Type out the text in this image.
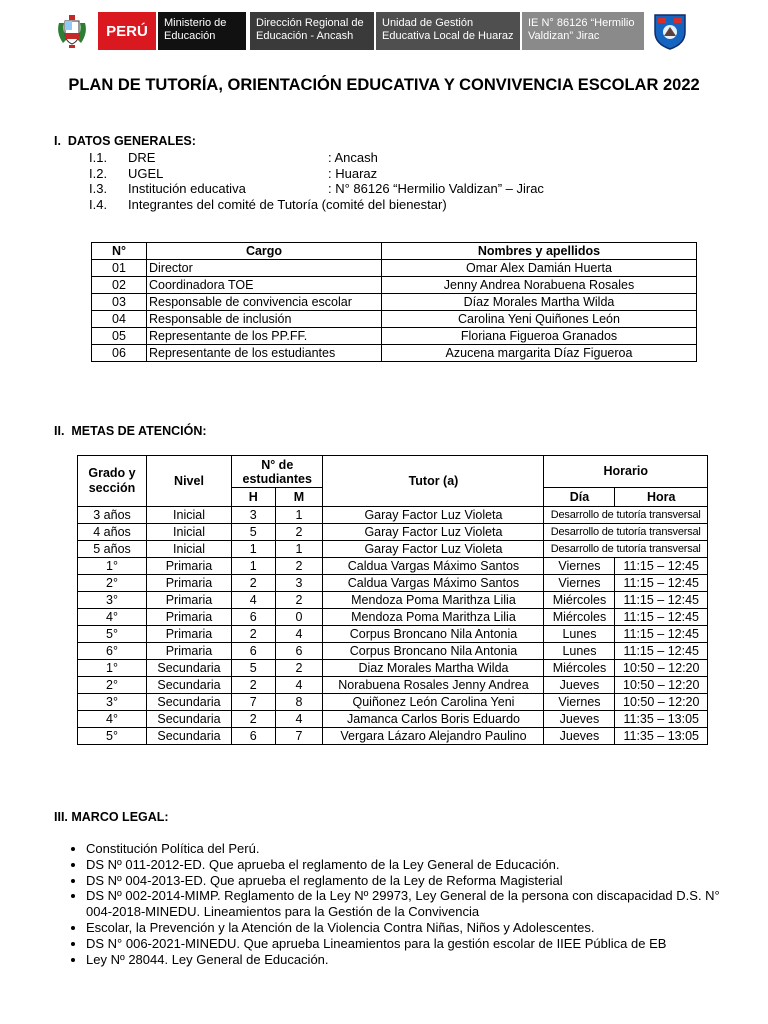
PERÚ	Ministerio de Educación
Dirección Regional de Educación - Ancash
Unidad de Gestión Educativa Local de Huaraz
IE N° 86126 “Hermilio Valdizan” Jirac
PLAN DE TUTORÍA, ORIENTACIÓN EDUCATIVA Y CONVIVENCIA ESCOLAR 2022
I.  DATOS GENERALES:
I.1.	DRE	: Ancash
I.2.	UGEL	: Huaraz
I.3.	Institución educativa	: N° 86126 “Hermilio Valdizan” – Jirac
I.4.	Integrantes del comité de Tutoría (comité del bienestar)
N°	Cargo	Nombres y apellidos
01	Director	Omar Alex Damián Huerta
02	Coordinadora TOE	Jenny Andrea Norabuena Rosales
03	Responsable de convivencia escolar	Díaz Morales Martha Wilda
04	Responsable de inclusión	Carolina Yeni Quiñones León
05	Representante de los PP.FF.	Floriana Figueroa Granados
06	Representante de los estudiantes	Azucena margarita Díaz Figueroa
II.  METAS DE ATENCIÓN:
Grado y sección	Nivel	N° de estudiantes		Tutor (a)	Horario	
		H	M		Día	Hora
3 años	Inicial	3	1	Garay Factor Luz Violeta	Desarrollo de tutoría transversal	
4 años	Inicial	5	2	Garay Factor Luz Violeta	Desarrollo de tutoría transversal	
5 años	Inicial	1	1	Garay Factor Luz Violeta	Desarrollo de tutoría transversal	
1°	Primaria	1	2	Caldua Vargas Máximo Santos	Viernes	11:15 – 12:45
2°	Primaria	2	3	Caldua Vargas Máximo Santos	Viernes	11:15 – 12:45
3°	Primaria	4	2	Mendoza Poma Marithza Lilia	Miércoles	11:15 – 12:45
4°	Primaria	6	0	Mendoza Poma Marithza Lilia	Miércoles	11:15 – 12:45
5°	Primaria	2	4	Corpus Broncano Nila Antonia	Lunes	11:15 – 12:45
6°	Primaria	6	6	Corpus Broncano Nila Antonia	Lunes	11:15 – 12:45
1°	Secundaria	5	2	Diaz Morales Martha Wilda	Miércoles	10:50 – 12:20
2°	Secundaria	2	4	Norabuena Rosales Jenny Andrea	Jueves	10:50 – 12:20
3°	Secundaria	7	8	Quiñonez León Carolina Yeni	Viernes	10:50 – 12:20
4°	Secundaria	2	4	Jamanca Carlos Boris Eduardo	Jueves	11:35 – 13:05
5°	Secundaria	6	7	Vergara Lázaro Alejandro Paulino	Jueves	11:35 – 13:05
III. MARCO LEGAL:
• Constitución Política del Perú.
• DS Nº 011-2012-ED. Que aprueba el reglamento de la Ley General de Educación.
• DS Nº 004-2013-ED. Que aprueba el reglamento de la Ley de Reforma Magisterial
• DS Nº 002-2014-MIMP. Reglamento de la Ley Nº 29973, Ley General de la persona con discapacidad D.S. N° 004-2018-MINEDU. Lineamientos para la Gestión de la Convivencia
• Escolar, la Prevención y la Atención de la Violencia Contra Niñas, Niños y Adolescentes.
• DS N° 006-2021-MINEDU. Que aprueba Lineamientos para la gestión escolar de IIEE Pública de EB
• Ley Nº 28044. Ley General de Educación.
